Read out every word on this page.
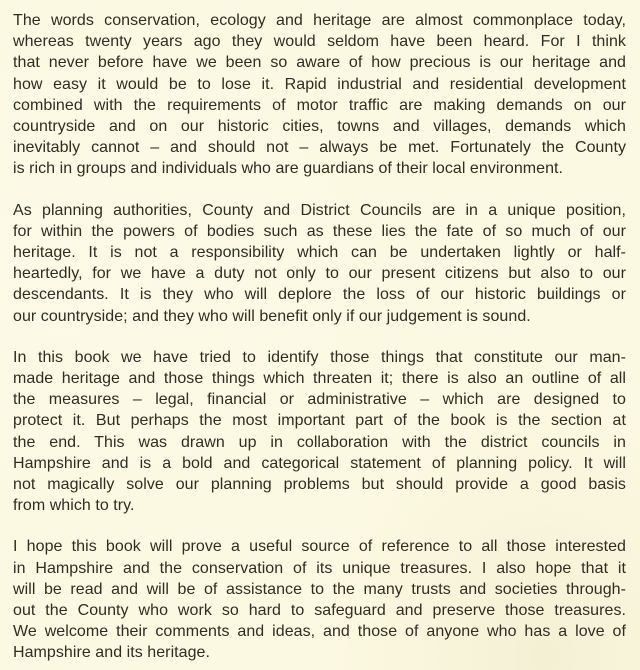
The words conservation, ecology and heritage are almost commonplace today,
whereas twenty years ago they would seldom have been heard. For I think
that never before have we been so aware of how precious is our heritage and
how easy it would be to lose it. Rapid industrial and residential development
combined with the requirements of motor traffic are making demands on our
countryside and on our historic cities, towns and villages, demands which
inevitably cannot – and should not – always be met. Fortunately the County
is rich in groups and individuals who are guardians of their local environment.

As planning authorities, County and District Councils are in a unique position,
for within the powers of bodies such as these lies the fate of so much of our
heritage. It is not a responsibility which can be undertaken lightly or half-
heartedly, for we have a duty not only to our present citizens but also to our
descendants. It is they who will deplore the loss of our historic buildings or
our countryside; and they who will benefit only if our judgement is sound.

In this book we have tried to identify those things that constitute our man-
made heritage and those things which threaten it; there is also an outline of all
the measures – legal, financial or administrative – which are designed to
protect it. But perhaps the most important part of the book is the section at
the end. This was drawn up in collaboration with the district councils in
Hampshire and is a bold and categorical statement of planning policy. It will
not magically solve our planning problems but should provide a good basis
from which to try.

I hope this book will prove a useful source of reference to all those interested
in Hampshire and the conservation of its unique treasures. I also hope that it
will be read and will be of assistance to the many trusts and societies through-
out the County who work so hard to safeguard and preserve those treasures.
We welcome their comments and ideas, and those of anyone who has a love of
Hampshire and its heritage.
